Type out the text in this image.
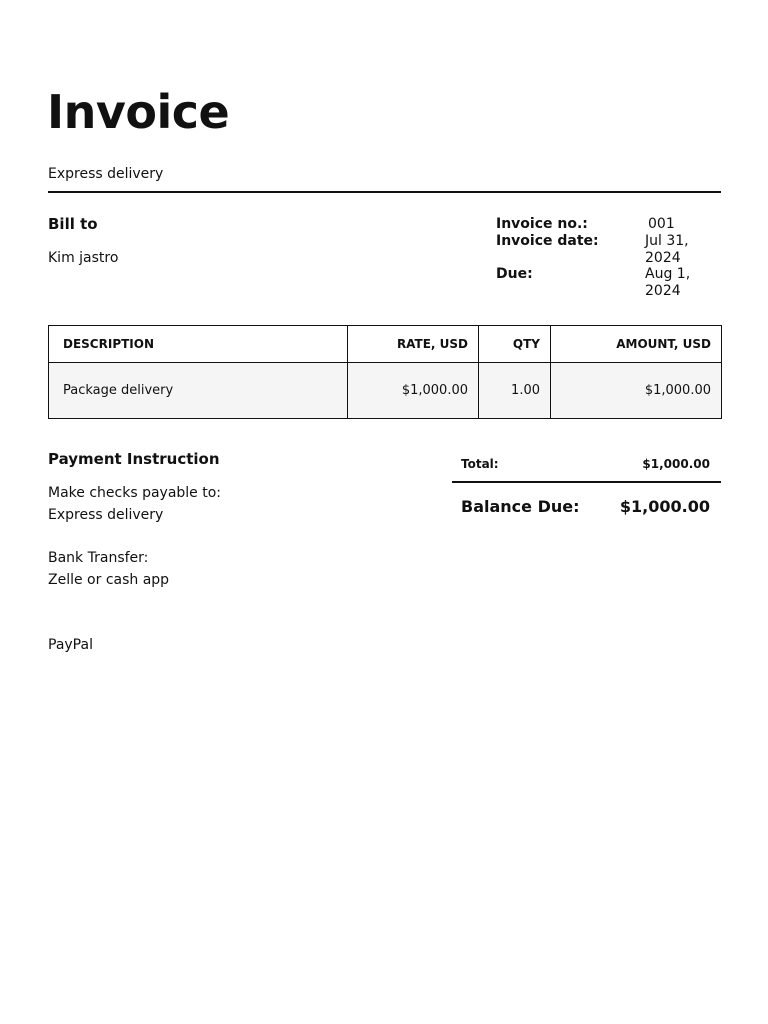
Invoice
Express delivery
Bill to
Kim jastro
Invoice no.:	001
Invoice date:	Jul 31, 2024
Due:	Aug 1, 2024
DESCRIPTION	RATE, USD	QTY	AMOUNT, USD
Package delivery	$1,000.00	1.00	$1,000.00
Payment Instruction
Make checks payable to:
Express delivery
Bank Transfer:
Zelle or cash app
PayPal
Total:	$1,000.00
Balance Due:	$1,000.00
